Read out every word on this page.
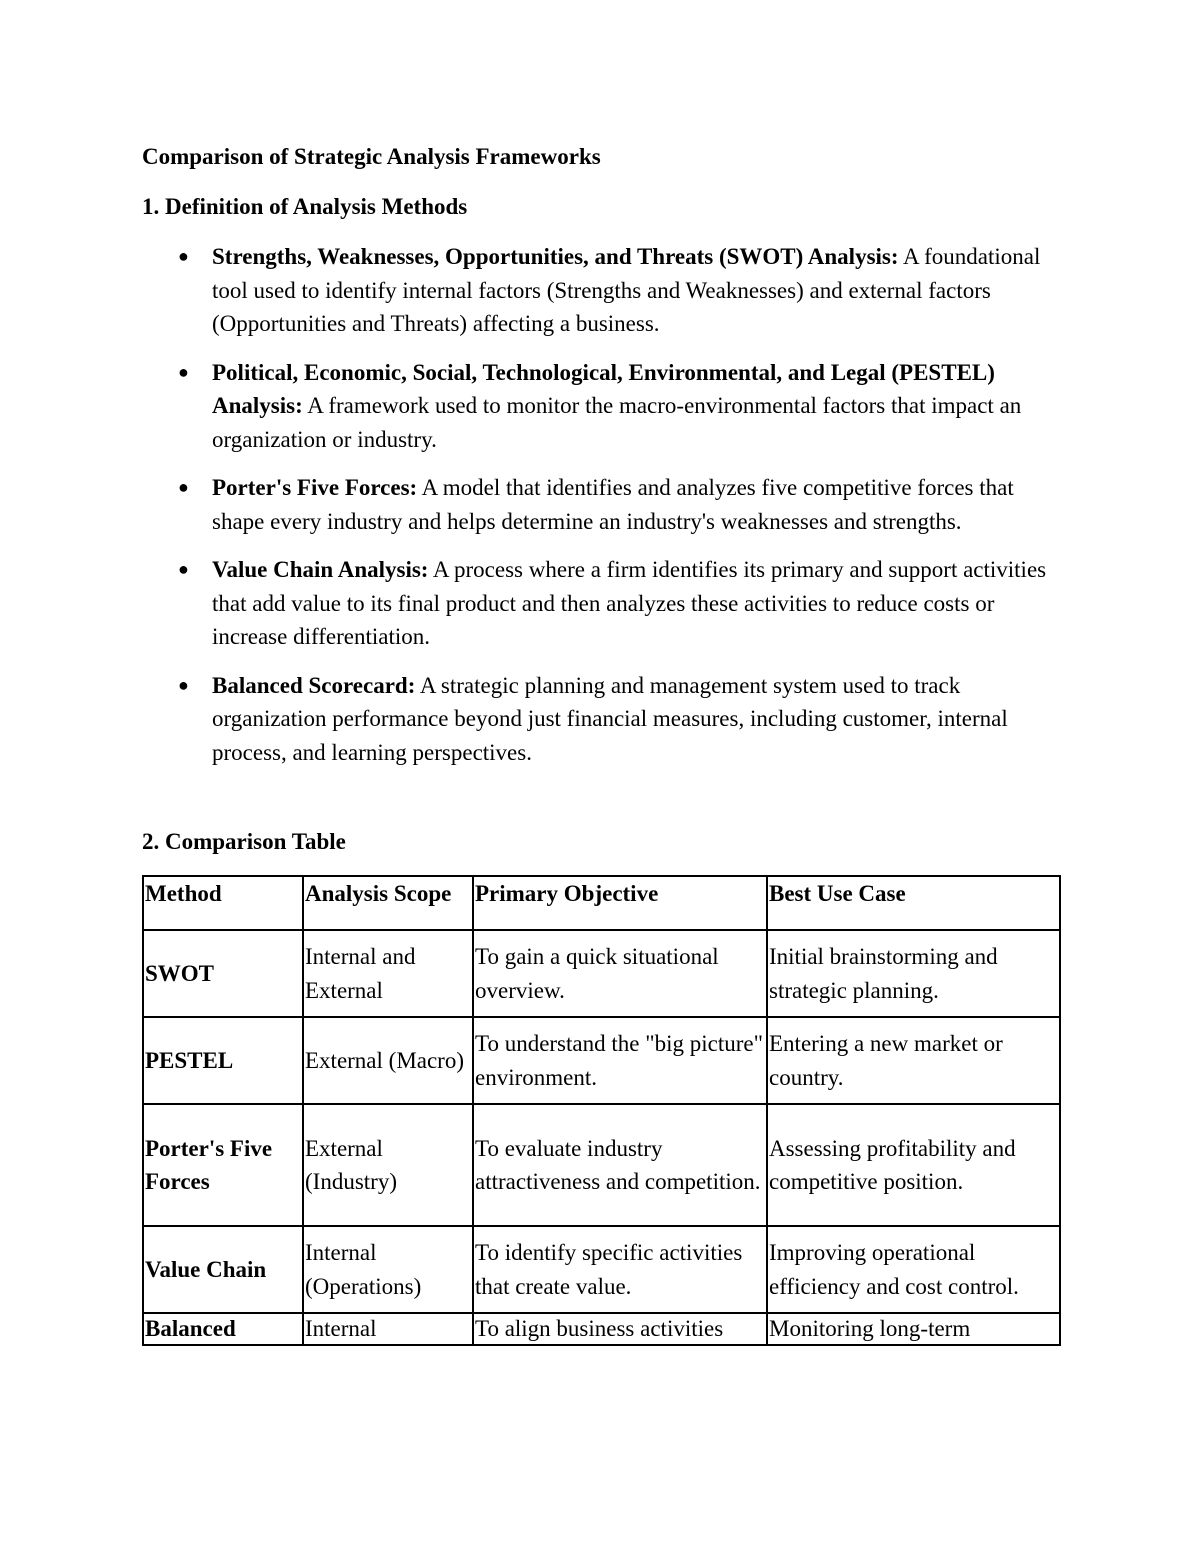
Comparison of Strategic Analysis Frameworks
1. Definition of Analysis Methods
● Strengths, Weaknesses, Opportunities, and Threats (SWOT) Analysis: A foundational tool used to identify internal factors (Strengths and Weaknesses) and external factors (Opportunities and Threats) affecting a business.
● Political, Economic, Social, Technological, Environmental, and Legal (PESTEL) Analysis: A framework used to monitor the macro-environmental factors that impact an organization or industry.
● Porter's Five Forces: A model that identifies and analyzes five competitive forces that shape every industry and helps determine an industry's weaknesses and strengths.
● Value Chain Analysis: A process where a firm identifies its primary and support activities that add value to its final product and then analyzes these activities to reduce costs or increase differentiation.
● Balanced Scorecard: A strategic planning and management system used to track organization performance beyond just financial measures, including customer, internal process, and learning perspectives.
2. Comparison Table
Method	Analysis Scope	Primary Objective	Best Use Case
SWOT	Internal and External	To gain a quick situational overview.	Initial brainstorming and strategic planning.
PESTEL	External (Macro)	To understand the "big picture" environment.	Entering a new market or country.
Porter's Five Forces	External (Industry)	To evaluate industry attractiveness and competition.	Assessing profitability and competitive position.
Value Chain	Internal (Operations)	To identify specific activities that create value.	Improving operational efficiency and cost control.
Balanced	Internal	To align business activities	Monitoring long-term
